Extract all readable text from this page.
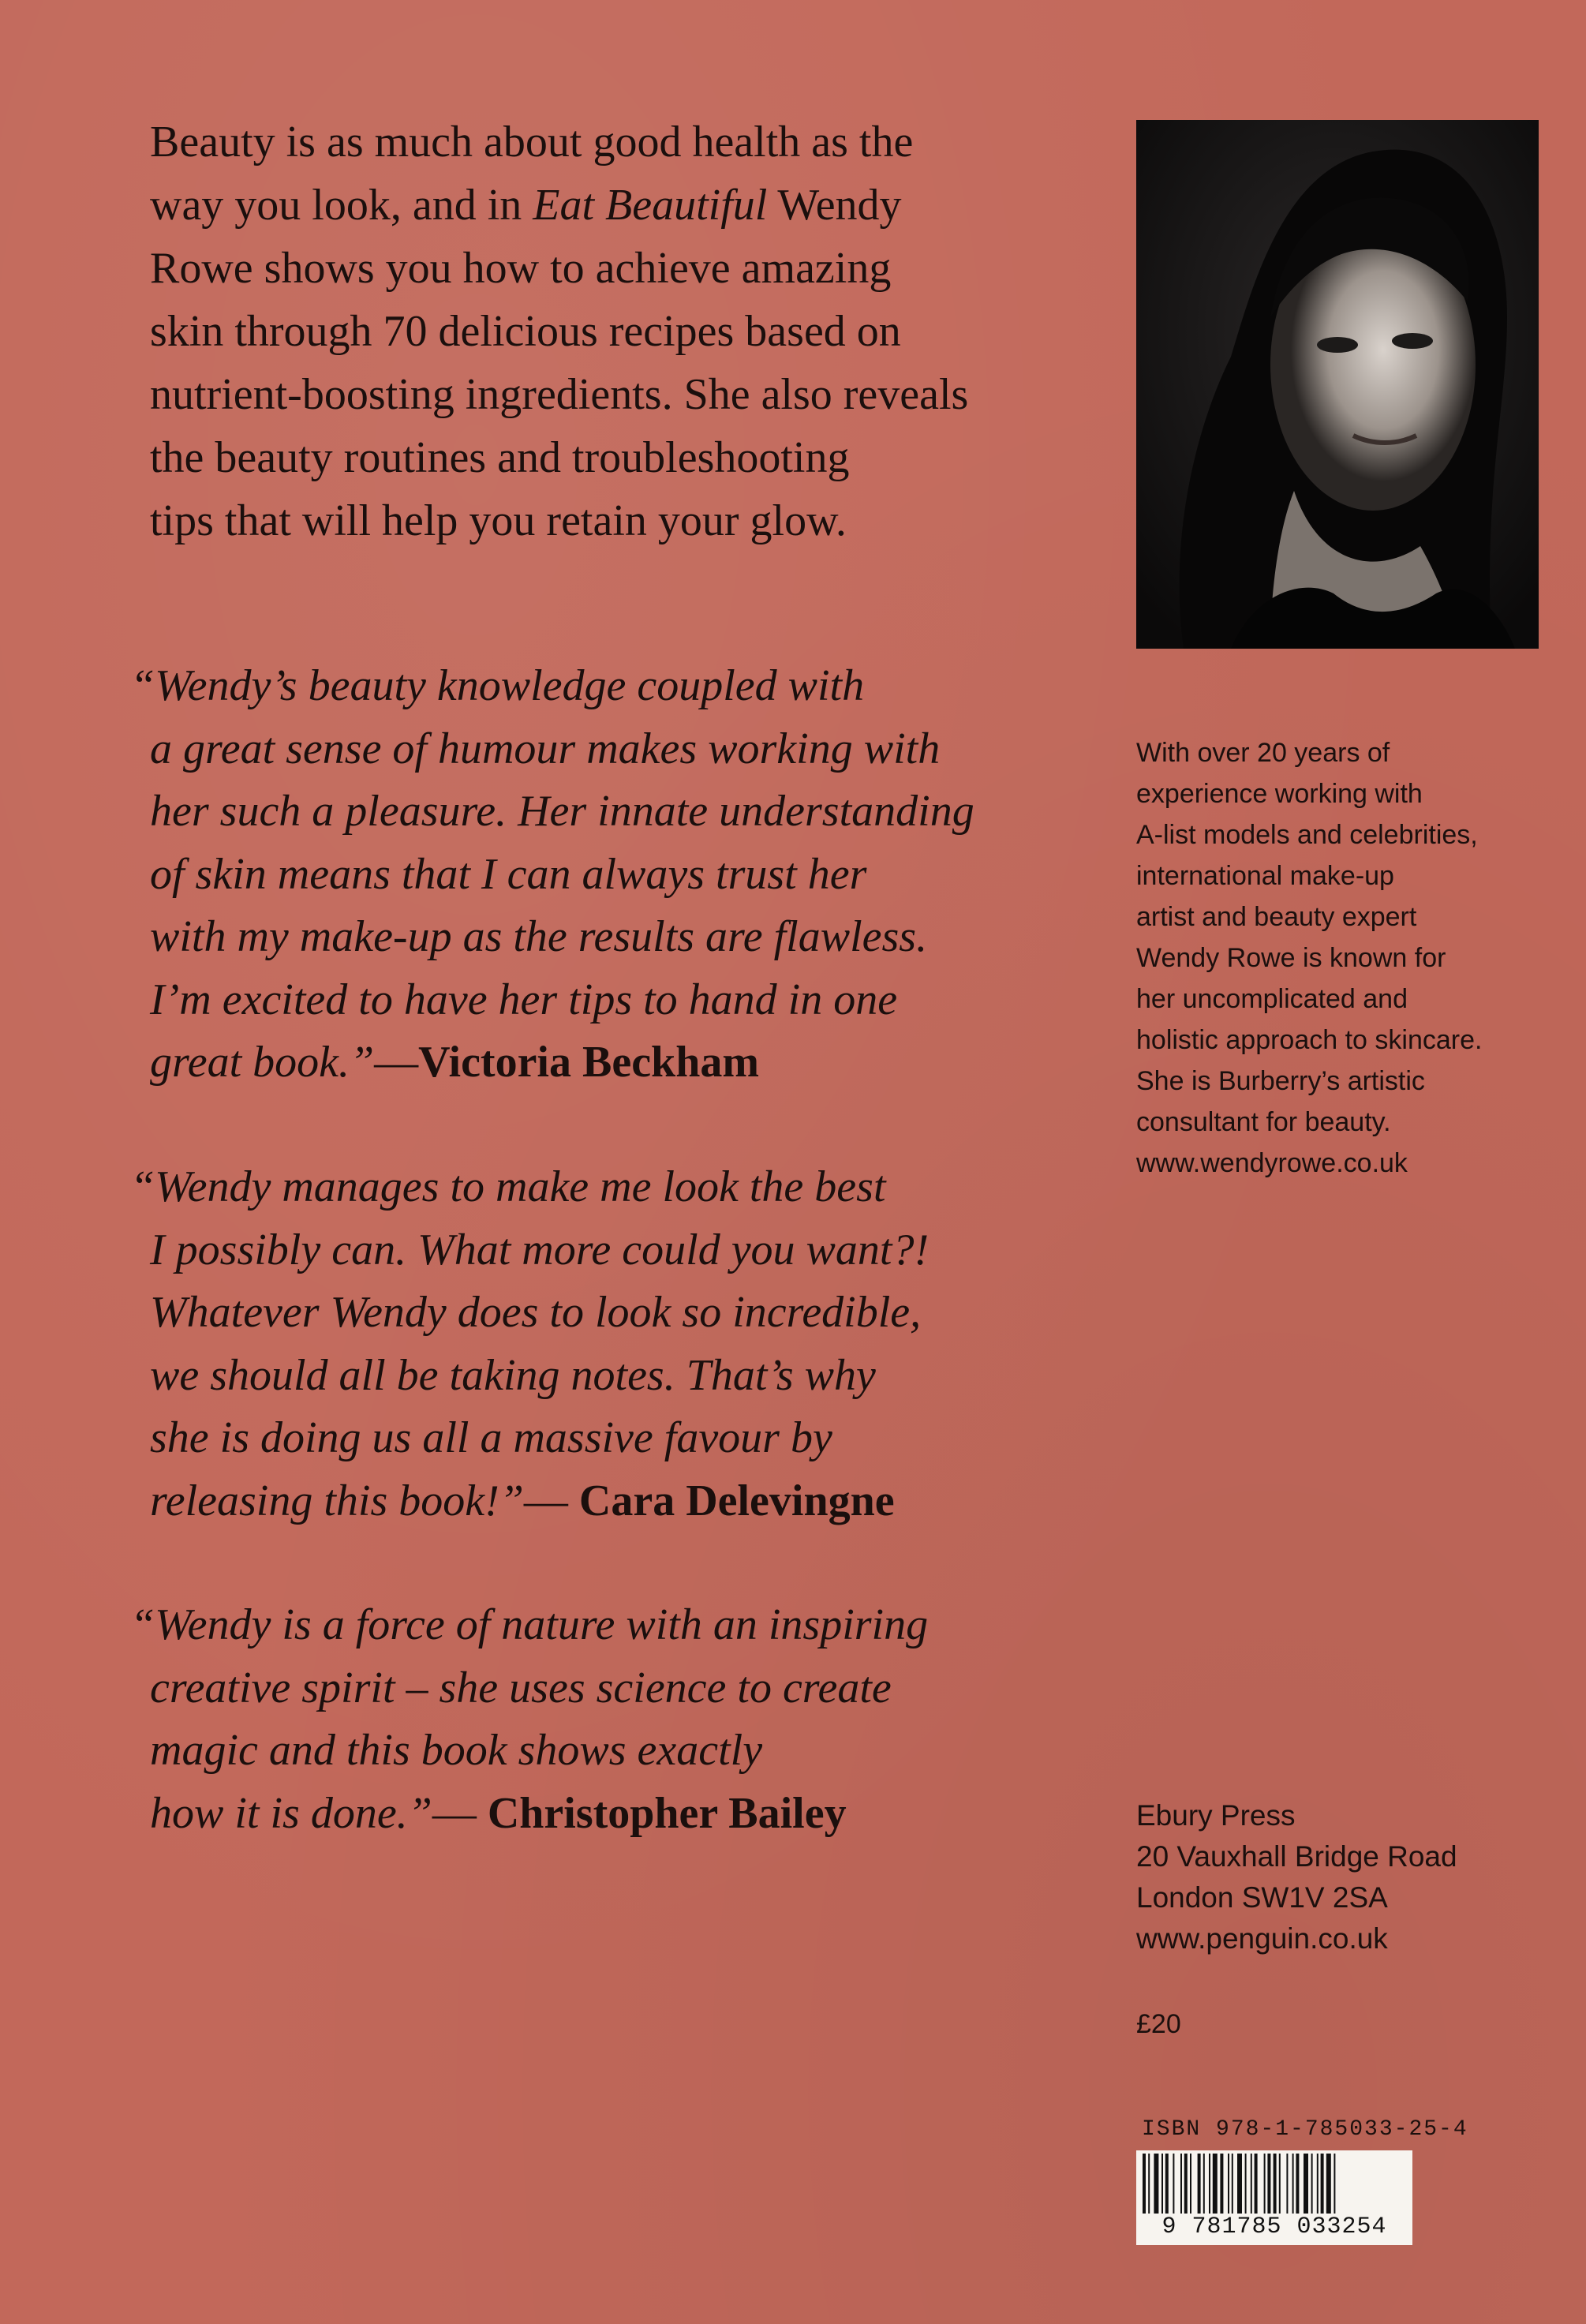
Beauty is as much about good health as the
way you look, and in Eat Beautiful Wendy
Rowe shows you how to achieve amazing
skin through 70 delicious recipes based on
nutrient-boosting ingredients. She also reveals
the beauty routines and troubleshooting
tips that will help you retain your glow.

“Wendy’s beauty knowledge coupled with
a great sense of humour makes working with
her such a pleasure. Her innate understanding
of skin means that I can always trust her
with my make-up as the results are flawless.
I’m excited to have her tips to hand in one
great book.”—Victoria Beckham

“Wendy manages to make me look the best
I possibly can. What more could you want?!
Whatever Wendy does to look so incredible,
we should all be taking notes. That’s why
she is doing us all a massive favour by
releasing this book!”— Cara Delevingne

“Wendy is a force of nature with an inspiring
creative spirit – she uses science to create
magic and this book shows exactly
how it is done.”— Christopher Bailey

With over 20 years of
experience working with
A-list models and celebrities,
international make-up
artist and beauty expert
Wendy Rowe is known for
her uncomplicated and
holistic approach to skincare.
She is Burberry’s artistic
consultant for beauty.
www.wendyrowe.co.uk

Ebury Press
20 Vauxhall Bridge Road
London SW1V 2SA
www.penguin.co.uk

£20

ISBN 978-1-785033-25-4

9 781785 033254
